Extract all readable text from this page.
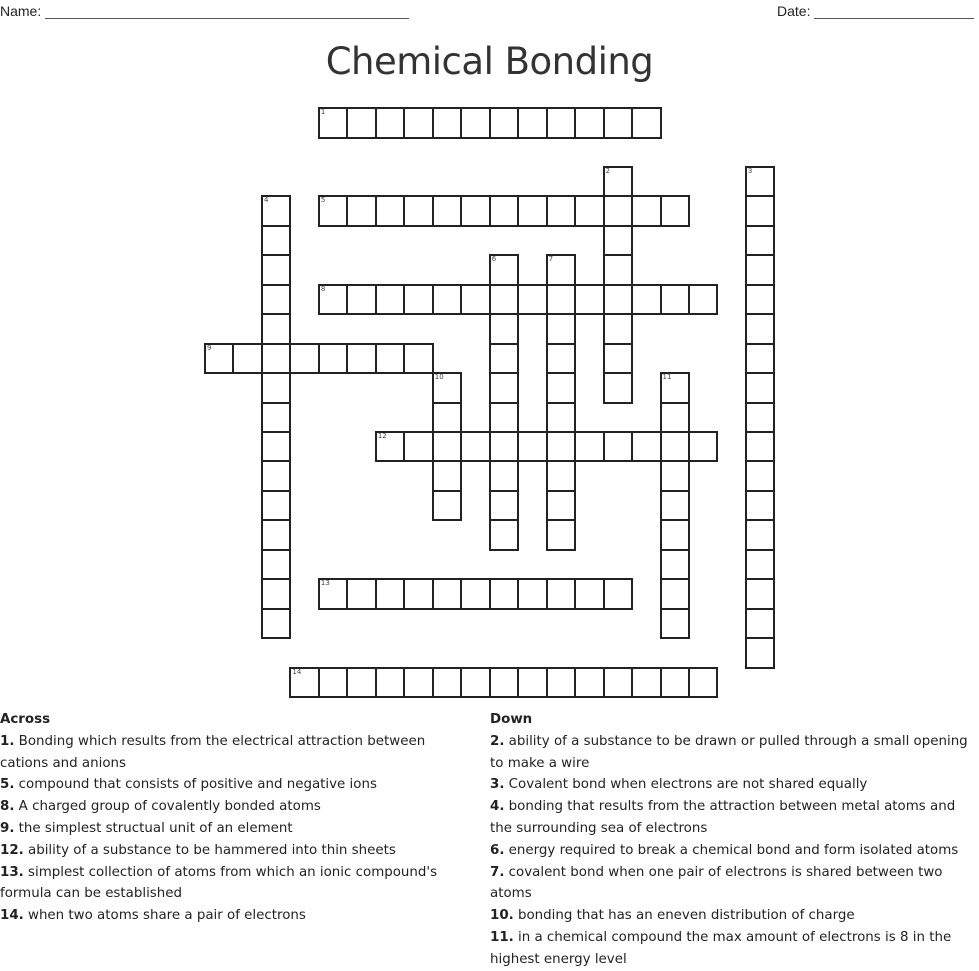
Name:	Date:
Chemical Bonding
1
2	3
4	5
6	7
8
9
10	11
12
13
14
Across
1. Bonding which results from the electrical attraction between cations and anions
5. compound that consists of positive and negative ions
8. A charged group of covalently bonded atoms
9. the simplest structual unit of an element
12. ability of a substance to be hammered into thin sheets
13. simplest collection of atoms from which an ionic compound's formula can be established
14. when two atoms share a pair of electrons
Down
2. ability of a substance to be drawn or pulled through a small opening to make a wire
3. Covalent bond when electrons are not shared equally
4. bonding that results from the attraction between metal atoms and the surrounding sea of electrons
6. energy required to break a chemical bond and form isolated atoms
7. covalent bond when one pair of electrons is shared between two atoms
10. bonding that has an eneven distribution of charge
11. in a chemical compound the max amount of electrons is 8 in the highest energy level
